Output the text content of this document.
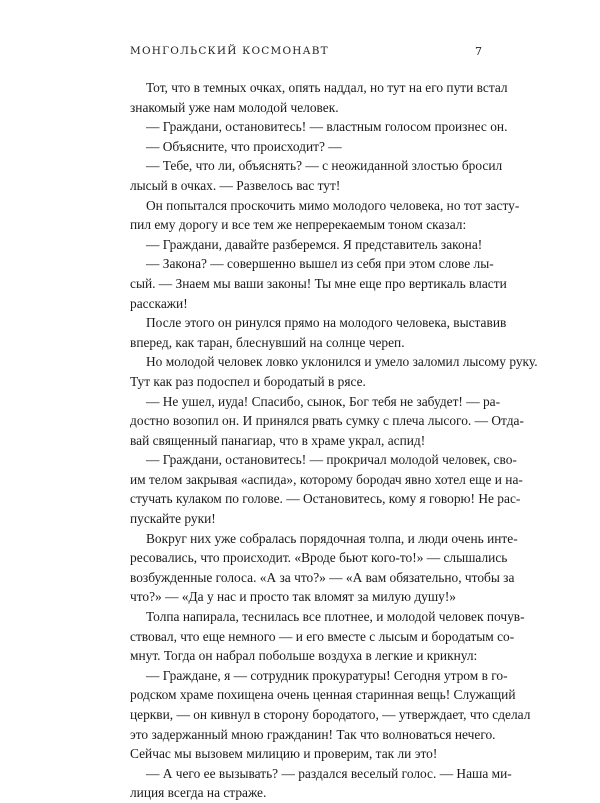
МОНГОЛЬСКИЙ КОСМОНАВТ	7
Тот, что в темных очках, опять наддал, но тут на его пути встал
знакомый уже нам молодой человек.
— Граждани, остановитесь! — властным голосом произнес он.
— Объясните, что происходит? —
— Тебе, что ли, объяснять? — с неожиданной злостью бросил
лысый в очках. — Развелось вас тут!
Он попытался проскочить мимо молодого человека, но тот засту-
пил ему дорогу и все тем же непререкаемым тоном сказал:
— Граждани, давайте разберемся. Я представитель закона!
— Закона? — совершенно вышел из себя при этом слове лы-
сый. — Знаем мы ваши законы! Ты мне еще про вертикаль власти
расскажи!
После этого он ринулся прямо на молодого человека, выставив
вперед, как таран, блеснувший на солнце череп.
Но молодой человек ловко уклонился и умело заломил лысому руку.
Тут как раз подоспел и бородатый в рясе.
— Не ушел, иуда! Спасибо, сынок, Бог тебя не забудет! — ра-
достно возопил он. И принялся рвать сумку с плеча лысого. — Отда-
вай священный панагиар, что в храме украл, аспид!
— Граждани, остановитесь! — прокричал молодой человек, сво-
им телом закрывая «аспида», которому бородач явно хотел еще и на-
стучать кулаком по голове. — Остановитесь, кому я говорю! Не рас-
пускайте руки!
Вокруг них уже собралась порядочная толпа, и люди очень инте-
ресовались, что происходит. «Вроде бьют кого-то!» — слышались
возбужденные голоса. «А за что?» — «А вам обязательно, чтобы за
что?» — «Да у нас и просто так вломят за милую душу!»
Толпа напирала, теснилась все плотнее, и молодой человек почув-
ствовал, что еще немного — и его вместе с лысым и бородатым со-
мнут. Тогда он набрал побольше воздуха в легкие и крикнул:
— Граждане, я — сотрудник прокуратуры! Сегодня утром в го-
родском храме похищена очень ценная старинная вещь! Служащий
церкви, — он кивнул в сторону бородатого, — утверждает, что сделал
это задержанный мною гражданин! Так что волноваться нечего.
Сейчас мы вызовем милицию и проверим, так ли это!
— А чего ее вызывать? — раздался веселый голос. — Наша ми-
лиция всегда на страже.
